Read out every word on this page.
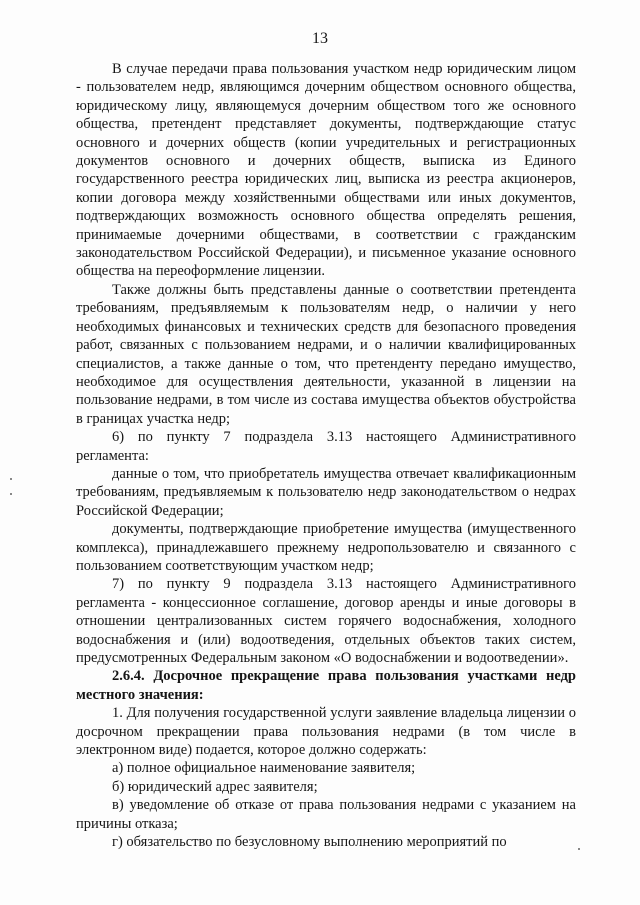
13

В случае передачи права пользования участком недр юридическим лицом - пользователем недр, являющимся дочерним обществом основного общества, юридическому лицу, являющемуся дочерним обществом того же основного общества, претендент представляет документы, подтверждающие статус основного и дочерних обществ (копии учредительных и регистрационных документов основного и дочерних обществ, выписка из Единого государственного реестра юридических лиц, выписка из реестра акционеров, копии договора между хозяйственными обществами или иных документов, подтверждающих возможность основного общества определять решения, принимаемые дочерними обществами, в соответствии с гражданским законодательством Российской Федерации), и письменное указание основного общества на переоформление лицензии.

Также должны быть представлены данные о соответствии претендента требованиям, предъявляемым к пользователям недр, о наличии у него необходимых финансовых и технических средств для безопасного проведения работ, связанных с пользованием недрами, и о наличии квалифицированных специалистов, а также данные о том, что претенденту передано имущество, необходимое для осуществления деятельности, указанной в лицензии на пользование недрами, в том числе из состава имущества объектов обустройства в границах участка недр;

6) по пункту 7 подраздела 3.13 настоящего Административного регламента:

данные о том, что приобретатель имущества отвечает квалификационным требованиям, предъявляемым к пользователю недр законодательством о недрах Российской Федерации;

документы, подтверждающие приобретение имущества (имущественного комплекса), принадлежавшего прежнему недропользователю и связанного с пользованием соответствующим участком недр;

7) по пункту 9 подраздела 3.13 настоящего Административного регламента - концессионное соглашение, договор аренды и иные договоры в отношении централизованных систем горячего водоснабжения, холодного водоснабжения и (или) водоотведения, отдельных объектов таких систем, предусмотренных Федеральным законом «О водоснабжении и водоотведении».

2.6.4. Досрочное прекращение права пользования участками недр местного значения:

1. Для получения государственной услуги заявление владельца лицензии о досрочном прекращении права пользования недрами (в том числе в электронном виде) подается, которое должно содержать:

а) полное официальное наименование заявителя;

б) юридический адрес заявителя;

в) уведомление об отказе от права пользования недрами с указанием на причины отказа;

г) обязательство по безусловному выполнению мероприятий по
